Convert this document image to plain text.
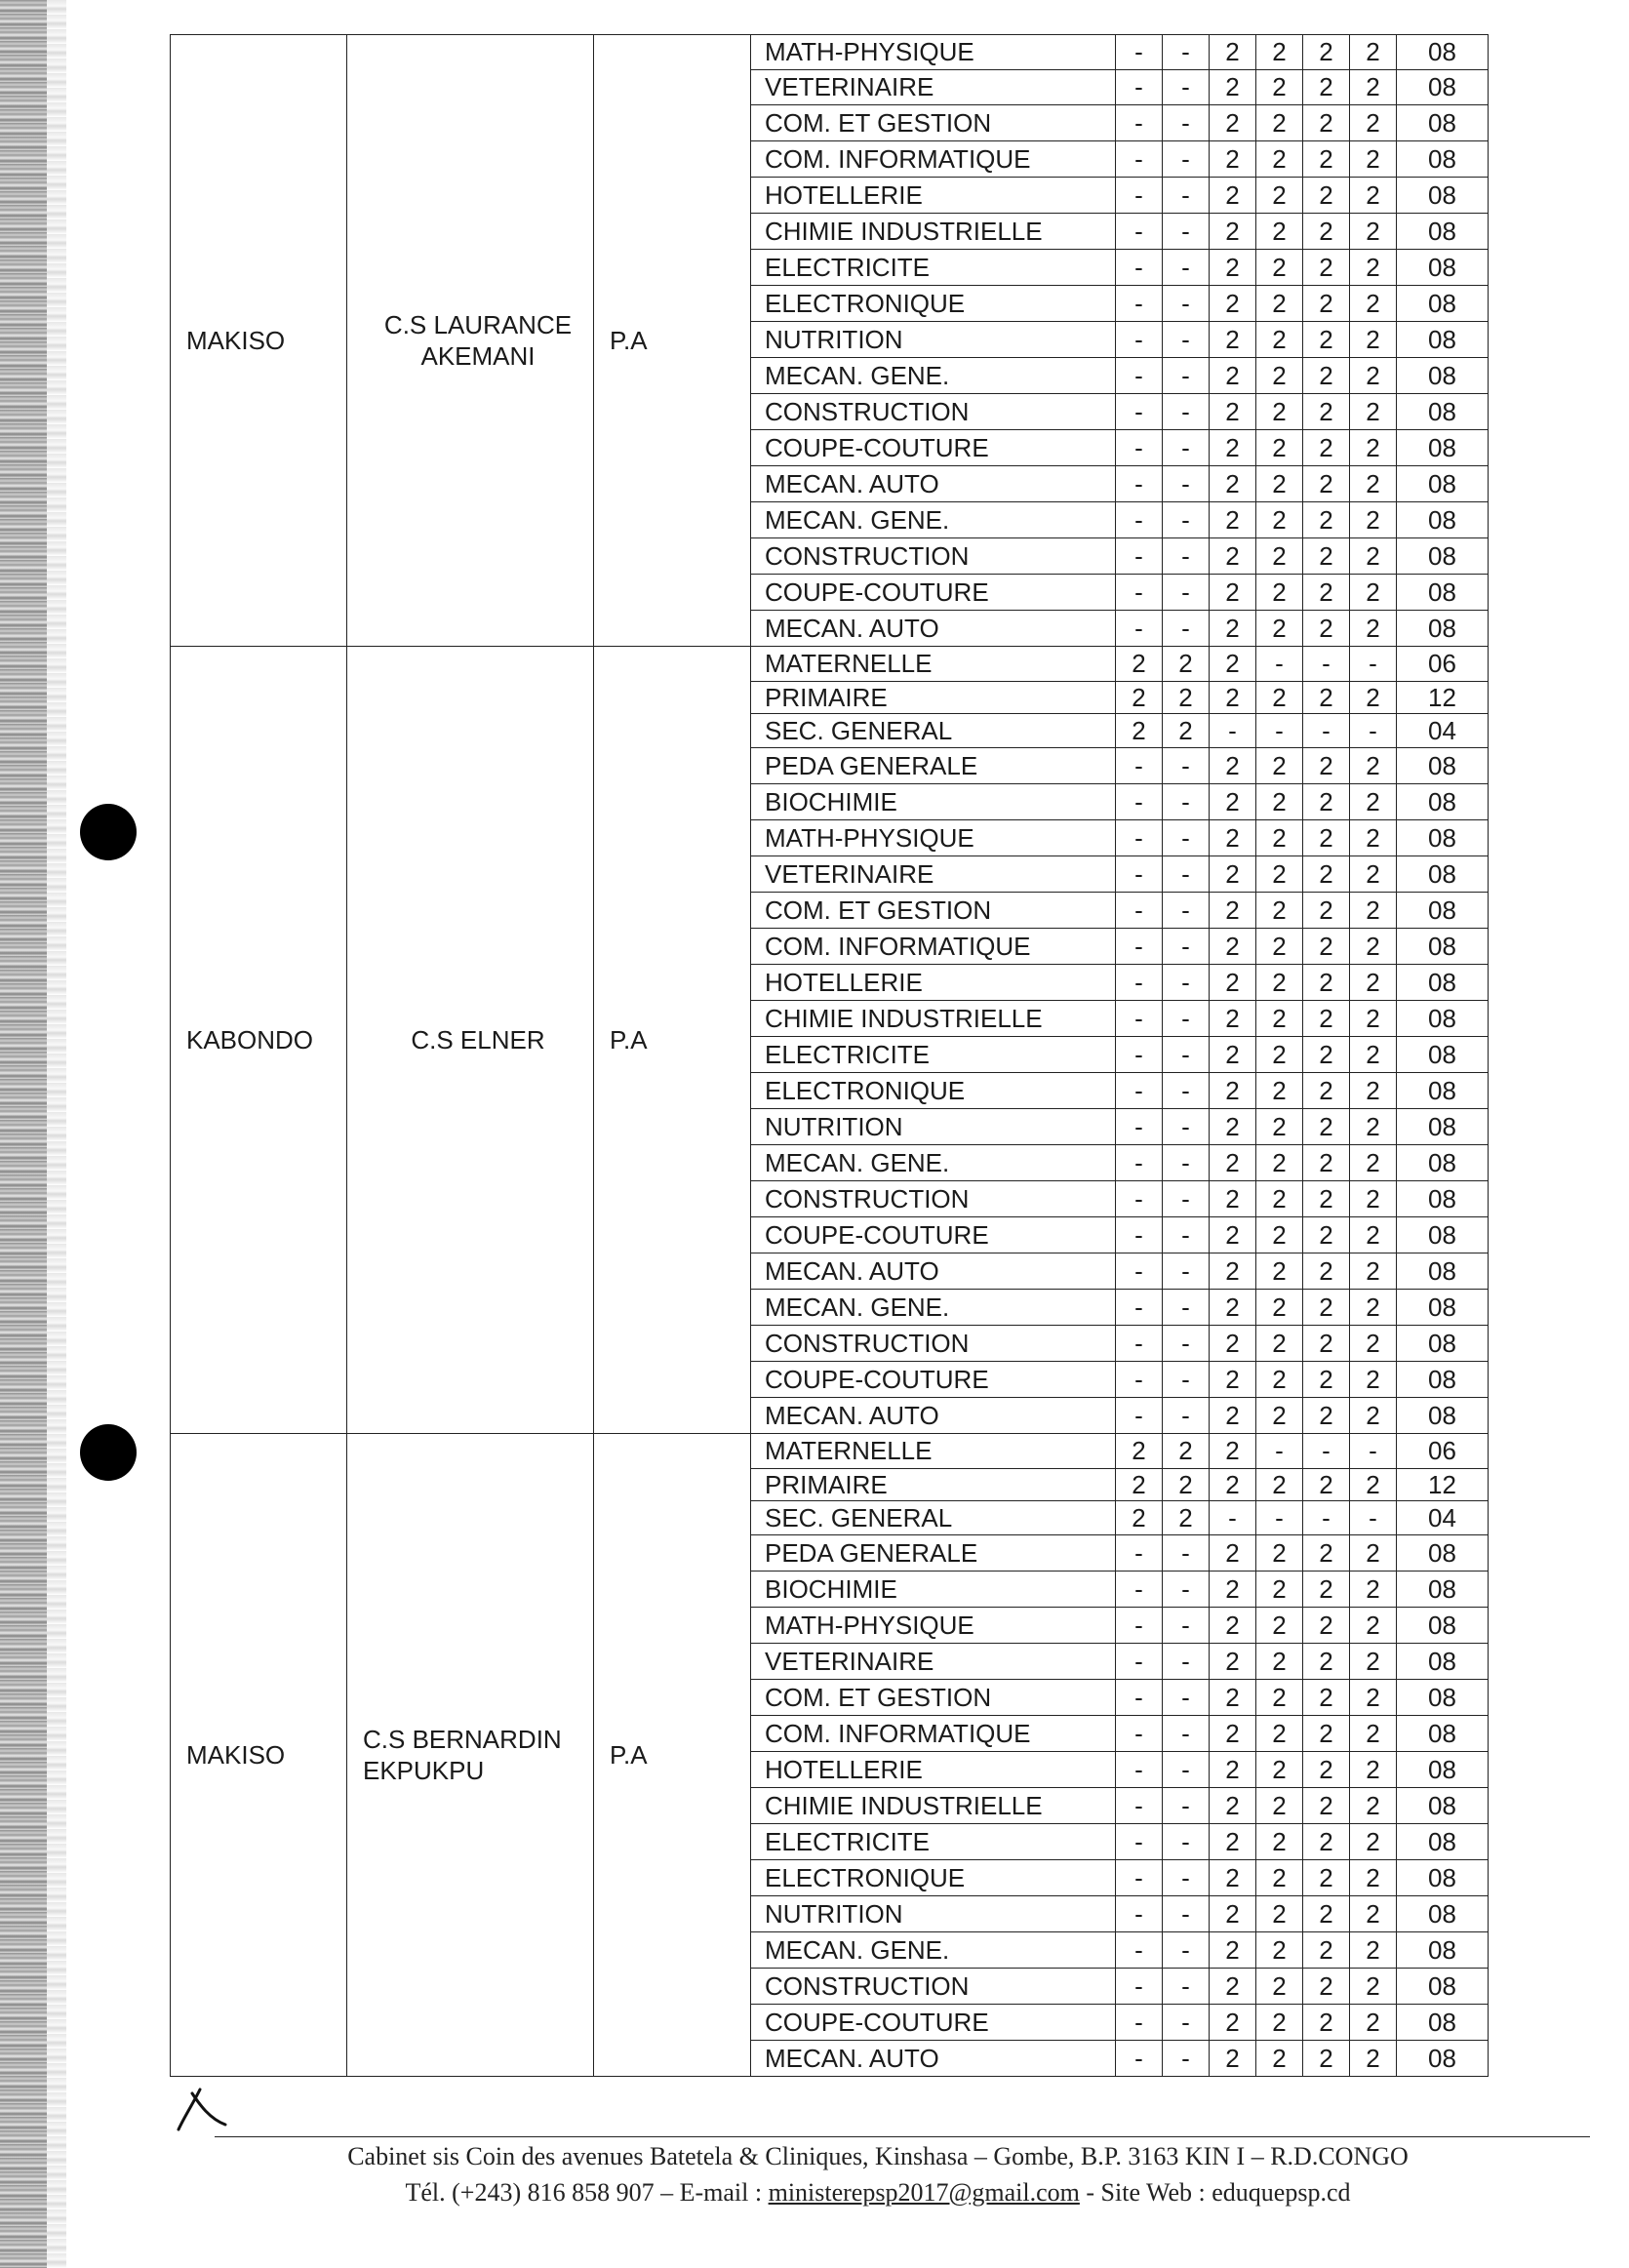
MAKISO	C.S LAURANCE AKEMANI	P.A	MATH-PHYSIQUE	-	-	2	2	2	2	08
			VETERINAIRE	-	-	2	2	2	2	08
			COM. ET GESTION	-	-	2	2	2	2	08
			COM. INFORMATIQUE	-	-	2	2	2	2	08
			HOTELLERIE	-	-	2	2	2	2	08
			CHIMIE INDUSTRIELLE	-	-	2	2	2	2	08
			ELECTRICITE	-	-	2	2	2	2	08
			ELECTRONIQUE	-	-	2	2	2	2	08
			NUTRITION	-	-	2	2	2	2	08
			MECAN. GENE.	-	-	2	2	2	2	08
			CONSTRUCTION	-	-	2	2	2	2	08
			COUPE-COUTURE	-	-	2	2	2	2	08
			MECAN. AUTO	-	-	2	2	2	2	08
			MECAN. GENE.	-	-	2	2	2	2	08
			CONSTRUCTION	-	-	2	2	2	2	08
			COUPE-COUTURE	-	-	2	2	2	2	08
			MECAN. AUTO	-	-	2	2	2	2	08
KABONDO	C.S ELNER	P.A	MATERNELLE	2	2	2	-	-	-	06
			PRIMAIRE	2	2	2	2	2	2	12
			SEC. GENERAL	2	2	-	-	-	-	04
			PEDA GENERALE	-	-	2	2	2	2	08
			BIOCHIMIE	-	-	2	2	2	2	08
			MATH-PHYSIQUE	-	-	2	2	2	2	08
			VETERINAIRE	-	-	2	2	2	2	08
			COM. ET GESTION	-	-	2	2	2	2	08
			COM. INFORMATIQUE	-	-	2	2	2	2	08
			HOTELLERIE	-	-	2	2	2	2	08
			CHIMIE INDUSTRIELLE	-	-	2	2	2	2	08
			ELECTRICITE	-	-	2	2	2	2	08
			ELECTRONIQUE	-	-	2	2	2	2	08
			NUTRITION	-	-	2	2	2	2	08
			MECAN. GENE.	-	-	2	2	2	2	08
			CONSTRUCTION	-	-	2	2	2	2	08
			COUPE-COUTURE	-	-	2	2	2	2	08
			MECAN. AUTO	-	-	2	2	2	2	08
			MECAN. GENE.	-	-	2	2	2	2	08
			CONSTRUCTION	-	-	2	2	2	2	08
			COUPE-COUTURE	-	-	2	2	2	2	08
			MECAN. AUTO	-	-	2	2	2	2	08
MAKISO	C.S BERNARDIN EKPUKPU	P.A	MATERNELLE	2	2	2	-	-	-	06
			PRIMAIRE	2	2	2	2	2	2	12
			SEC. GENERAL	2	2	-	-	-	-	04
			PEDA GENERALE	-	-	2	2	2	2	08
			BIOCHIMIE	-	-	2	2	2	2	08
			MATH-PHYSIQUE	-	-	2	2	2	2	08
			VETERINAIRE	-	-	2	2	2	2	08
			COM. ET GESTION	-	-	2	2	2	2	08
			COM. INFORMATIQUE	-	-	2	2	2	2	08
			HOTELLERIE	-	-	2	2	2	2	08
			CHIMIE INDUSTRIELLE	-	-	2	2	2	2	08
			ELECTRICITE	-	-	2	2	2	2	08
			ELECTRONIQUE	-	-	2	2	2	2	08
			NUTRITION	-	-	2	2	2	2	08
			MECAN. GENE.	-	-	2	2	2	2	08
			CONSTRUCTION	-	-	2	2	2	2	08
			COUPE-COUTURE	-	-	2	2	2	2	08
			MECAN. AUTO	-	-	2	2	2	2	08
Cabinet sis Coin des avenues Batetela & Cliniques, Kinshasa – Gombe, B.P. 3163 KIN I – R.D.CONGO
Tél. (+243) 816 858 907 – E-mail : ministerepsp2017@gmail.com - Site Web : eduquepsp.cd
